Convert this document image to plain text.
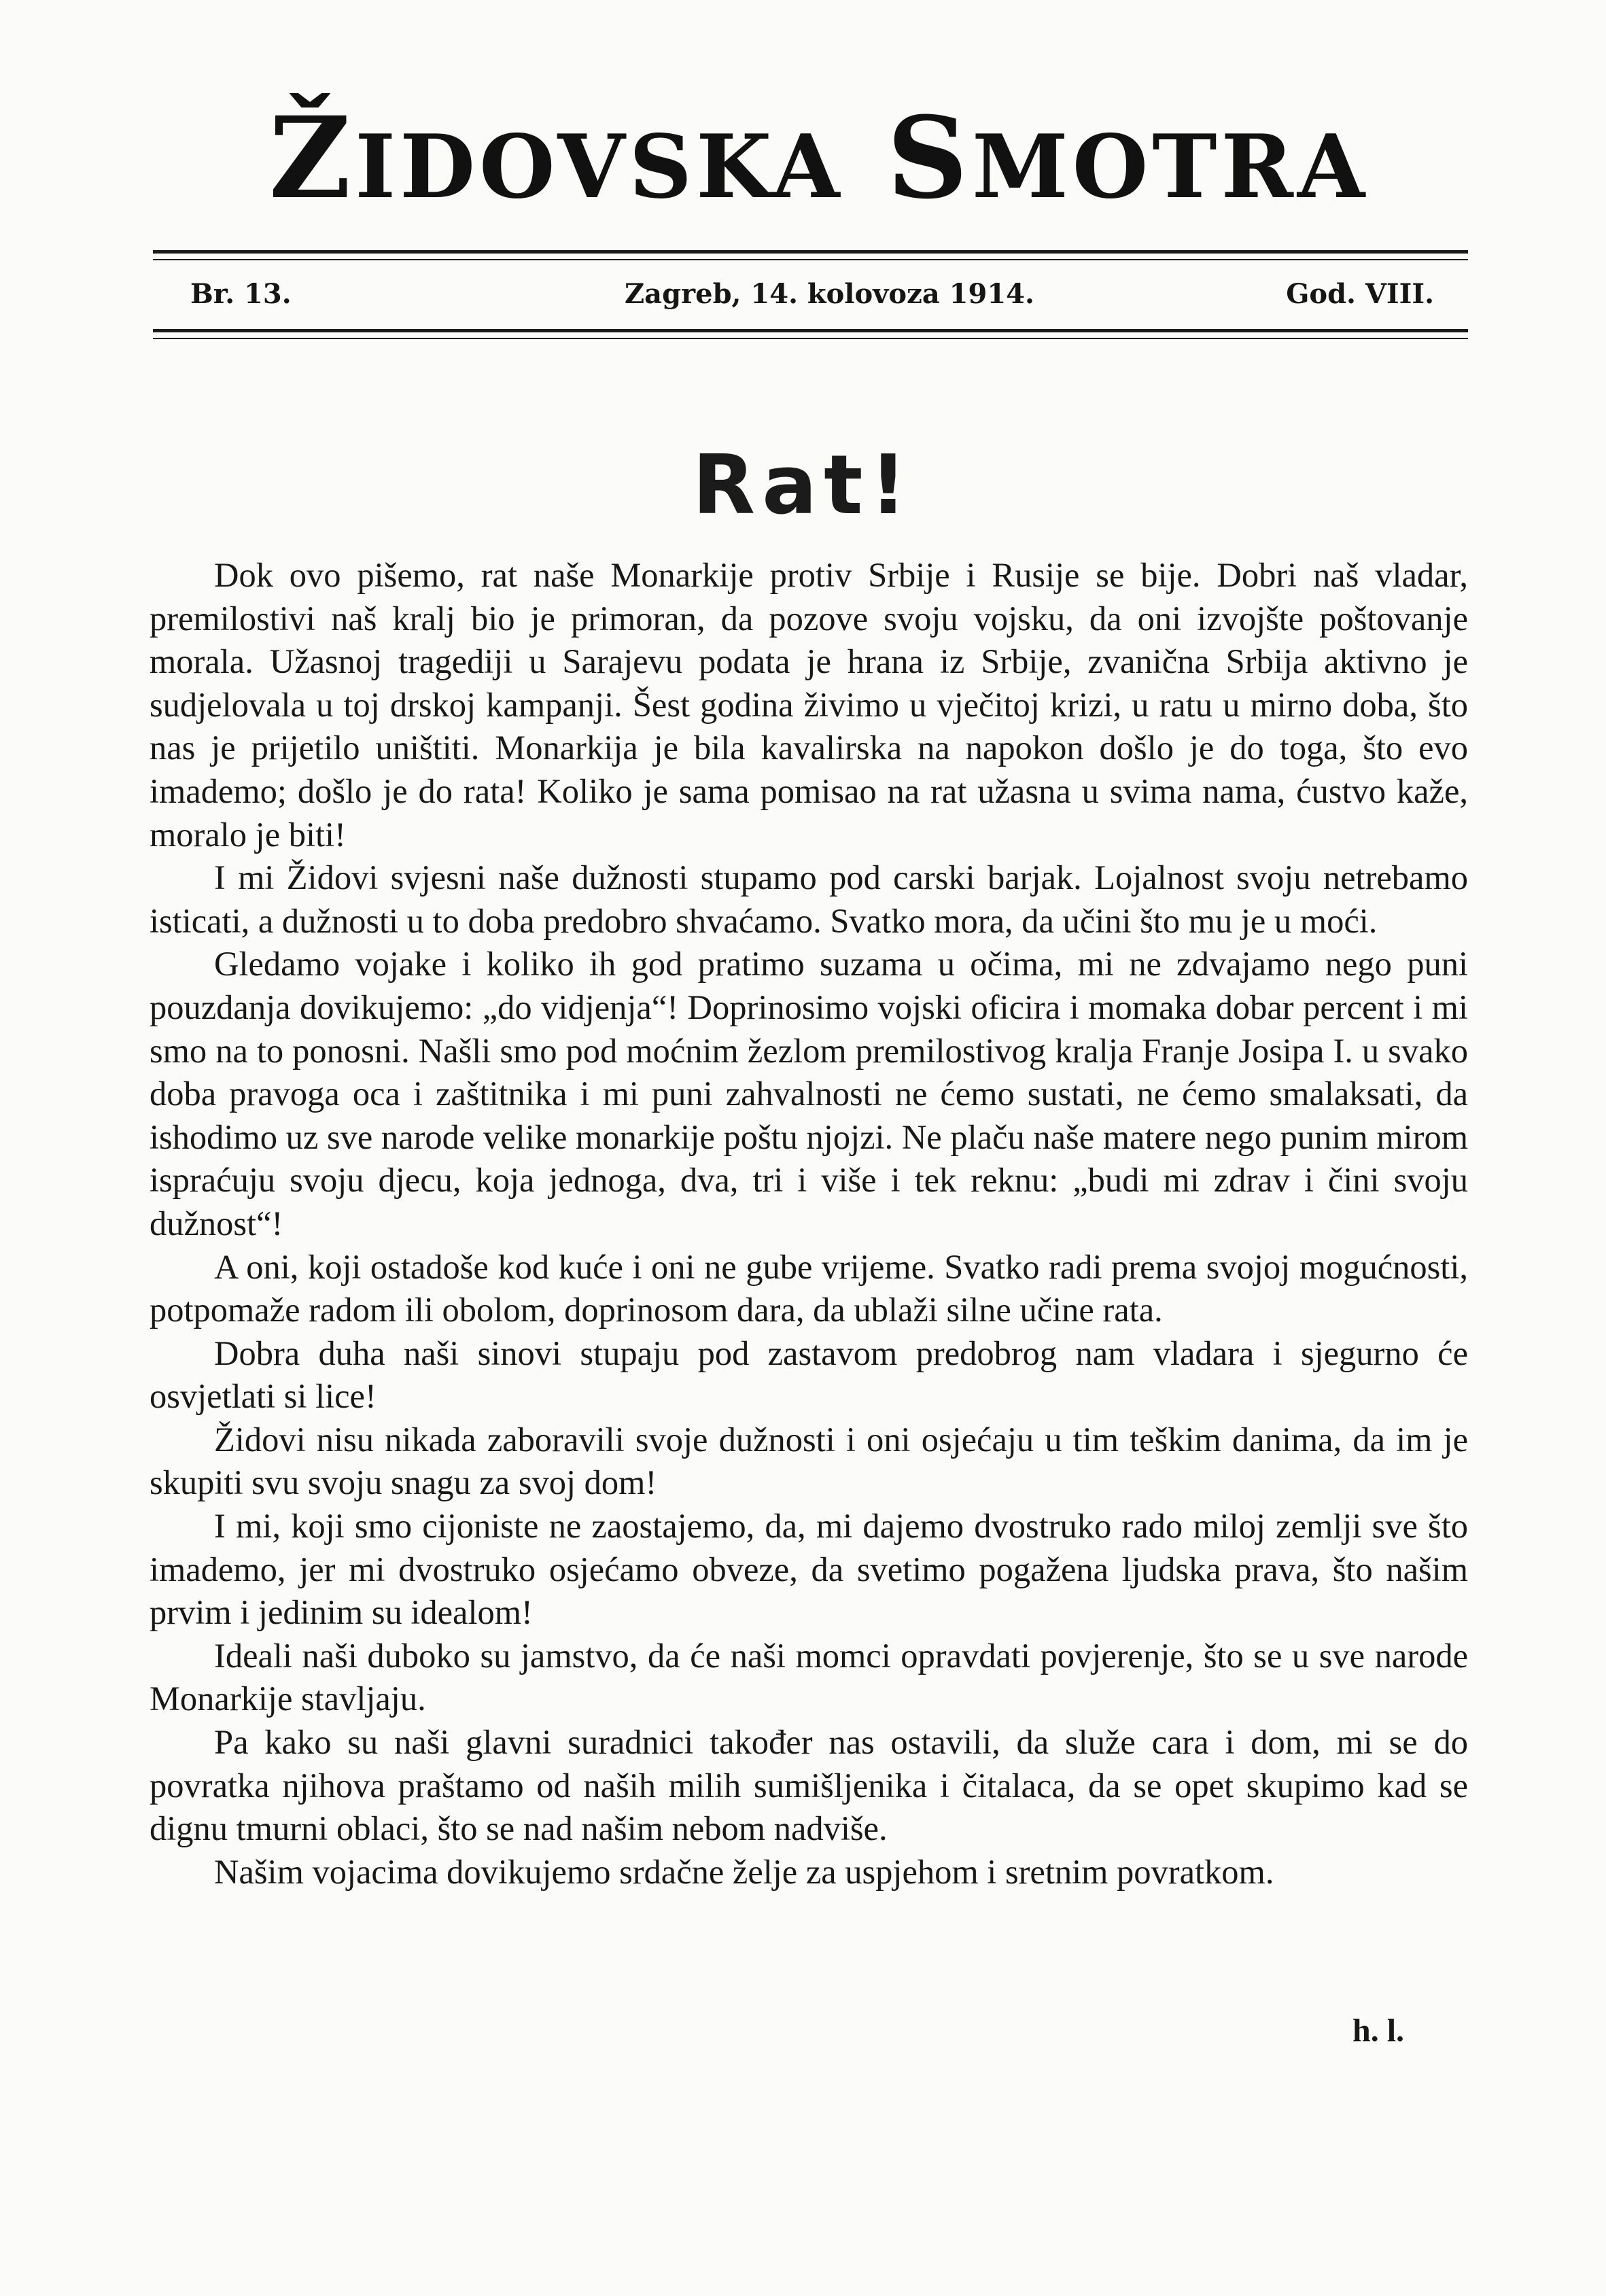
ŽIDOVSKA SMOTRA
Br. 13.	Zagreb, 14. kolovoza 1914.	God. VIII.
Rat!

Dok ovo pišemo, rat naše Monarkije protiv Srbije i Rusije se bije. Dobri naš vladar, premilostivi naš kralj bio je primoran, da pozove svoju vojsku, da oni izvojšte poštovanje morala. Užasnoj tragediji u Sarajevu podata je hrana iz Srbije, zvanična Srbija aktivno je sudjelovala u toj drskoj kampanji. Šest godina živimo u vječitoj krizi, u ratu u mirno doba, što nas je prijetilo uništiti. Monarkija je bila kavalirska na napokon došlo je do toga, što evo imademo; došlo je do rata! Koliko je sama pomisao na rat užasna u svima nama, ćustvo kaže, moralo je biti!

I mi Židovi svjesni naše dužnosti stupamo pod carski barjak. Lojalnost svoju netrebamo isticati, a dužnosti u to doba predobro shvaćamo. Svatko mora, da učini što mu je u moći.

Gledamo vojake i koliko ih god pratimo suzama u očima, mi ne zdvajamo nego puni pouzdanja dovikujemo: „do vidjenja“! Doprinosimo vojski oficira i momaka dobar percent i mi smo na to ponosni. Našli smo pod moćnim žezlom premilostivog kralja Franje Josipa I. u svako doba pravoga oca i zaštitnika i mi puni zahvalnosti ne ćemo sustati, ne ćemo smalaksati, da ishodimo uz sve narode velike monarkije poštu njojzi. Ne plaču naše matere nego punim mirom ispraćuju svoju djecu, koja jednoga, dva, tri i više i tek reknu: „budi mi zdrav i čini svoju dužnost“!

A oni, koji ostadoše kod kuće i oni ne gube vrijeme. Svatko radi prema svojoj mogućnosti, potpomaže radom ili obolom, doprinosom dara, da ublaži silne učine rata.

Dobra duha naši sinovi stupaju pod zastavom predobrog nam vladara i sjegurno će osvjetlati si lice!

Židovi nisu nikada zaboravili svoje dužnosti i oni osjećaju u tim teškim danima, da im je skupiti svu svoju snagu za svoj dom!

I mi, koji smo cijoniste ne zaostajemo, da, mi dajemo dvostruko rado miloj zemlji sve što imademo, jer mi dvostruko osjećamo obveze, da svetimo pogažena ljudska prava, što našim prvim i jedinim su idealom!

Ideali naši duboko su jamstvo, da će naši momci opravdati povjerenje, što se u sve narode Monarkije stavljaju.

Pa kako su naši glavni suradnici također nas ostavili, da služe cara i dom, mi se do povratka njihova praštamo od naših milih sumišljenika i čitalaca, da se opet skupimo kad se dignu tmurni oblaci, što se nad našim nebom nadviše.

Našim vojacima dovikujemo srdačne želje za uspjehom i sretnim povratkom.

h. l.
